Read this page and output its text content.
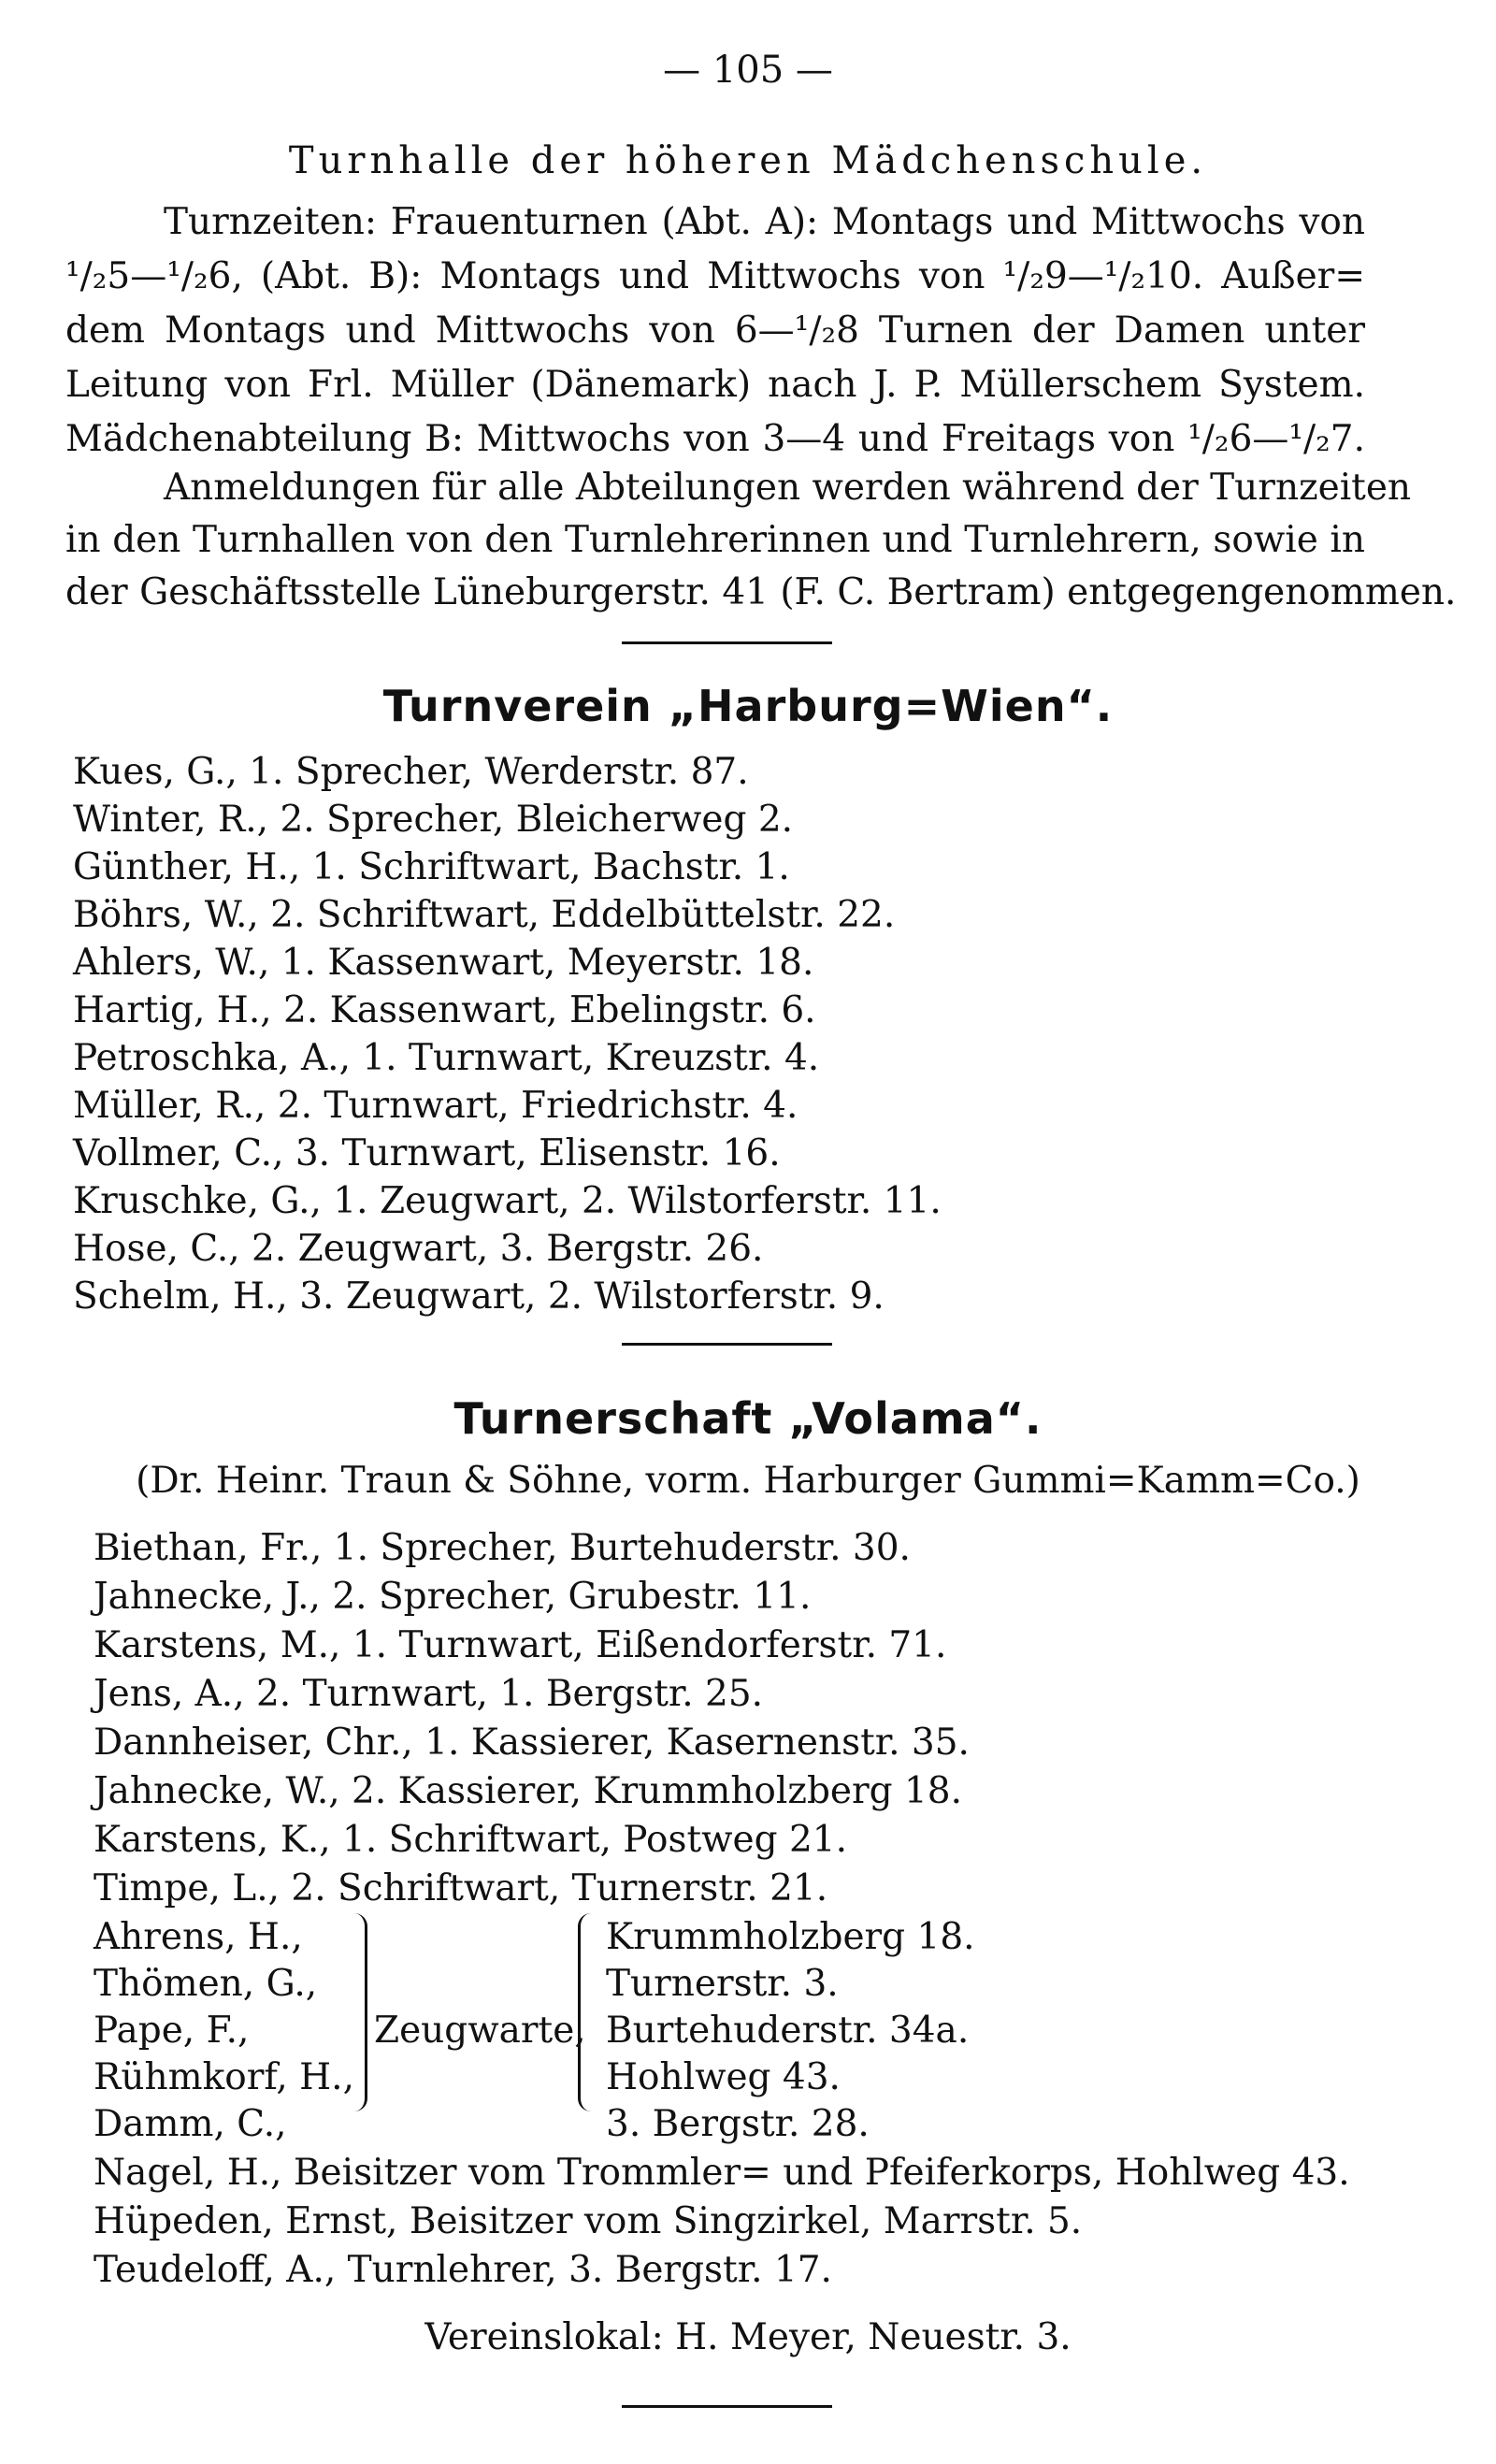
— 105 —
Turnhalle der höheren Mädchenschule.
Turnzeiten: Frauenturnen (Abt. A): Montags und Mittwochs von
¹/₂5—¹/₂6, (Abt. B): Montags und Mittwochs von ¹/₂9—¹/₂10. Außer=
dem Montags und Mittwochs von 6—¹/₂8 Turnen der Damen unter
Leitung von Frl. Müller (Dänemark) nach J. P. Müllerschem System.
Mädchenabteilung B: Mittwochs von 3—4 und Freitags von ¹/₂6—¹/₂7.
Anmeldungen für alle Abteilungen werden während der Turnzeiten
in den Turnhallen von den Turnlehrerinnen und Turnlehrern, sowie in
der Geschäftsstelle Lüneburgerstr. 41 (F. C. Bertram) entgegengenommen.
Turnverein „Harburg=Wien“.
Kues, G., 1. Sprecher, Werderstr. 87.
Winter, R., 2. Sprecher, Bleicherweg 2.
Günther, H., 1. Schriftwart, Bachstr. 1.
Böhrs, W., 2. Schriftwart, Eddelbüttelstr. 22.
Ahlers, W., 1. Kassenwart, Meyerstr. 18.
Hartig, H., 2. Kassenwart, Ebelingstr. 6.
Petroschka, A., 1. Turnwart, Kreuzstr. 4.
Müller, R., 2. Turnwart, Friedrichstr. 4.
Vollmer, C., 3. Turnwart, Elisenstr. 16.
Kruschke, G., 1. Zeugwart, 2. Wilstorferstr. 11.
Hose, C., 2. Zeugwart, 3. Bergstr. 26.
Schelm, H., 3. Zeugwart, 2. Wilstorferstr. 9.
Turnerschaft „Volama“.
(Dr. Heinr. Traun & Söhne, vorm. Harburger Gummi=Kamm=Co.)
Biethan, Fr., 1. Sprecher, Burtehuderstr. 30.
Jahnecke, J., 2. Sprecher, Grubestr. 11.
Karstens, M., 1. Turnwart, Eißendorferstr. 71.
Jens, A., 2. Turnwart, 1. Bergstr. 25.
Dannheiser, Chr., 1. Kassierer, Kasernenstr. 35.
Jahnecke, W., 2. Kassierer, Krummholzberg 18.
Karstens, K., 1. Schriftwart, Postweg 21.
Timpe, L., 2. Schriftwart, Turnerstr. 21.
Ahrens, H.,
Thömen, G.,
Pape, F.,
Rühmkorf, H.,
Damm, C.,
Zeugwarte,
Krummholzberg 18.
Turnerstr. 3.
Burtehuderstr. 34a.
Hohlweg 43.
3. Bergstr. 28.
Nagel, H., Beisitzer vom Trommler= und Pfeiferkorps, Hohlweg 43.
Hüpeden, Ernst, Beisitzer vom Singzirkel, Marrstr. 5.
Teudeloff, A., Turnlehrer, 3. Bergstr. 17.
Vereinslokal: H. Meyer, Neuestr. 3.
